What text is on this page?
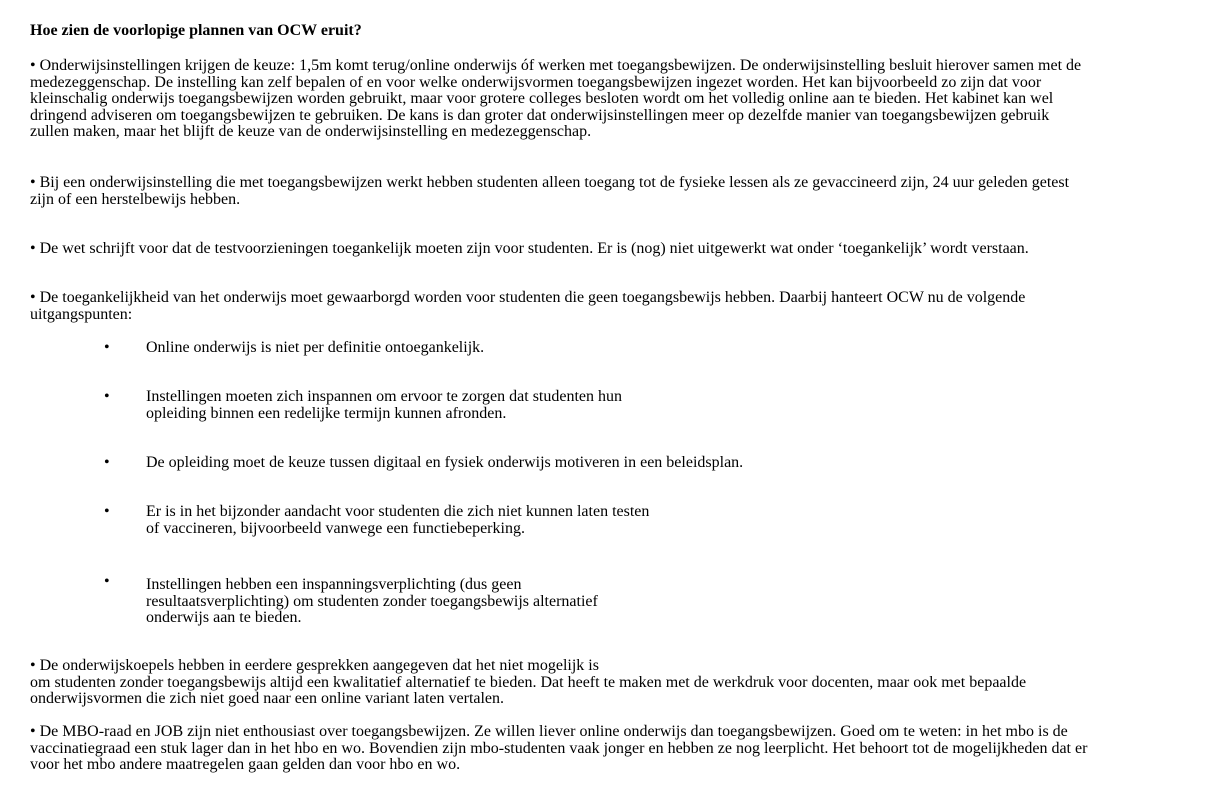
Hoe zien de voorlopige plannen van OCW eruit?
• Onderwijsinstellingen krijgen de keuze: 1,5m komt terug/online onderwijs óf werken met toegangsbewijzen. De onderwijsinstelling besluit hierover samen met de
medezeggenschap. De instelling kan zelf bepalen of en voor welke onderwijsvormen toegangsbewijzen ingezet worden. Het kan bijvoorbeeld zo zijn dat voor
kleinschalig onderwijs toegangsbewijzen worden gebruikt, maar voor grotere colleges besloten wordt om het volledig online aan te bieden. Het kabinet kan wel
dringend adviseren om toegangsbewijzen te gebruiken. De kans is dan groter dat onderwijsinstellingen meer op dezelfde manier van toegangsbewijzen gebruik
zullen maken, maar het blijft de keuze van de onderwijsinstelling en medezeggenschap.
• Bij een onderwijsinstelling die met toegangsbewijzen werkt hebben studenten alleen toegang tot de fysieke lessen als ze gevaccineerd zijn, 24 uur geleden getest
zijn of een herstelbewijs hebben.
• De wet schrijft voor dat de testvoorzieningen toegankelijk moeten zijn voor studenten. Er is (nog) niet uitgewerkt wat onder ‘toegankelijk’ wordt verstaan.
• De toegankelijkheid van het onderwijs moet gewaarborgd worden voor studenten die geen toegangsbewijs hebben. Daarbij hanteert OCW nu de volgende
uitgangspunten:
• Online onderwijs is niet per definitie ontoegankelijk.
• Instellingen moeten zich inspannen om ervoor te zorgen dat studenten hun
opleiding binnen een redelijke termijn kunnen afronden.
• De opleiding moet de keuze tussen digitaal en fysiek onderwijs motiveren in een beleidsplan.
• Er is in het bijzonder aandacht voor studenten die zich niet kunnen laten testen
of vaccineren, bijvoorbeeld vanwege een functiebeperking.
• Instellingen hebben een inspanningsverplichting (dus geen
resultaatsverplichting) om studenten zonder toegangsbewijs alternatief
onderwijs aan te bieden.
• De onderwijskoepels hebben in eerdere gesprekken aangegeven dat het niet mogelijk is
om studenten zonder toegangsbewijs altijd een kwalitatief alternatief te bieden. Dat heeft te maken met de werkdruk voor docenten, maar ook met bepaalde
onderwijsvormen die zich niet goed naar een online variant laten vertalen.
• De MBO-raad en JOB zijn niet enthousiast over toegangsbewijzen. Ze willen liever online onderwijs dan toegangsbewijzen. Goed om te weten: in het mbo is de
vaccinatiegraad een stuk lager dan in het hbo en wo. Bovendien zijn mbo-studenten vaak jonger en hebben ze nog leerplicht. Het behoort tot de mogelijkheden dat er
voor het mbo andere maatregelen gaan gelden dan voor hbo en wo.
